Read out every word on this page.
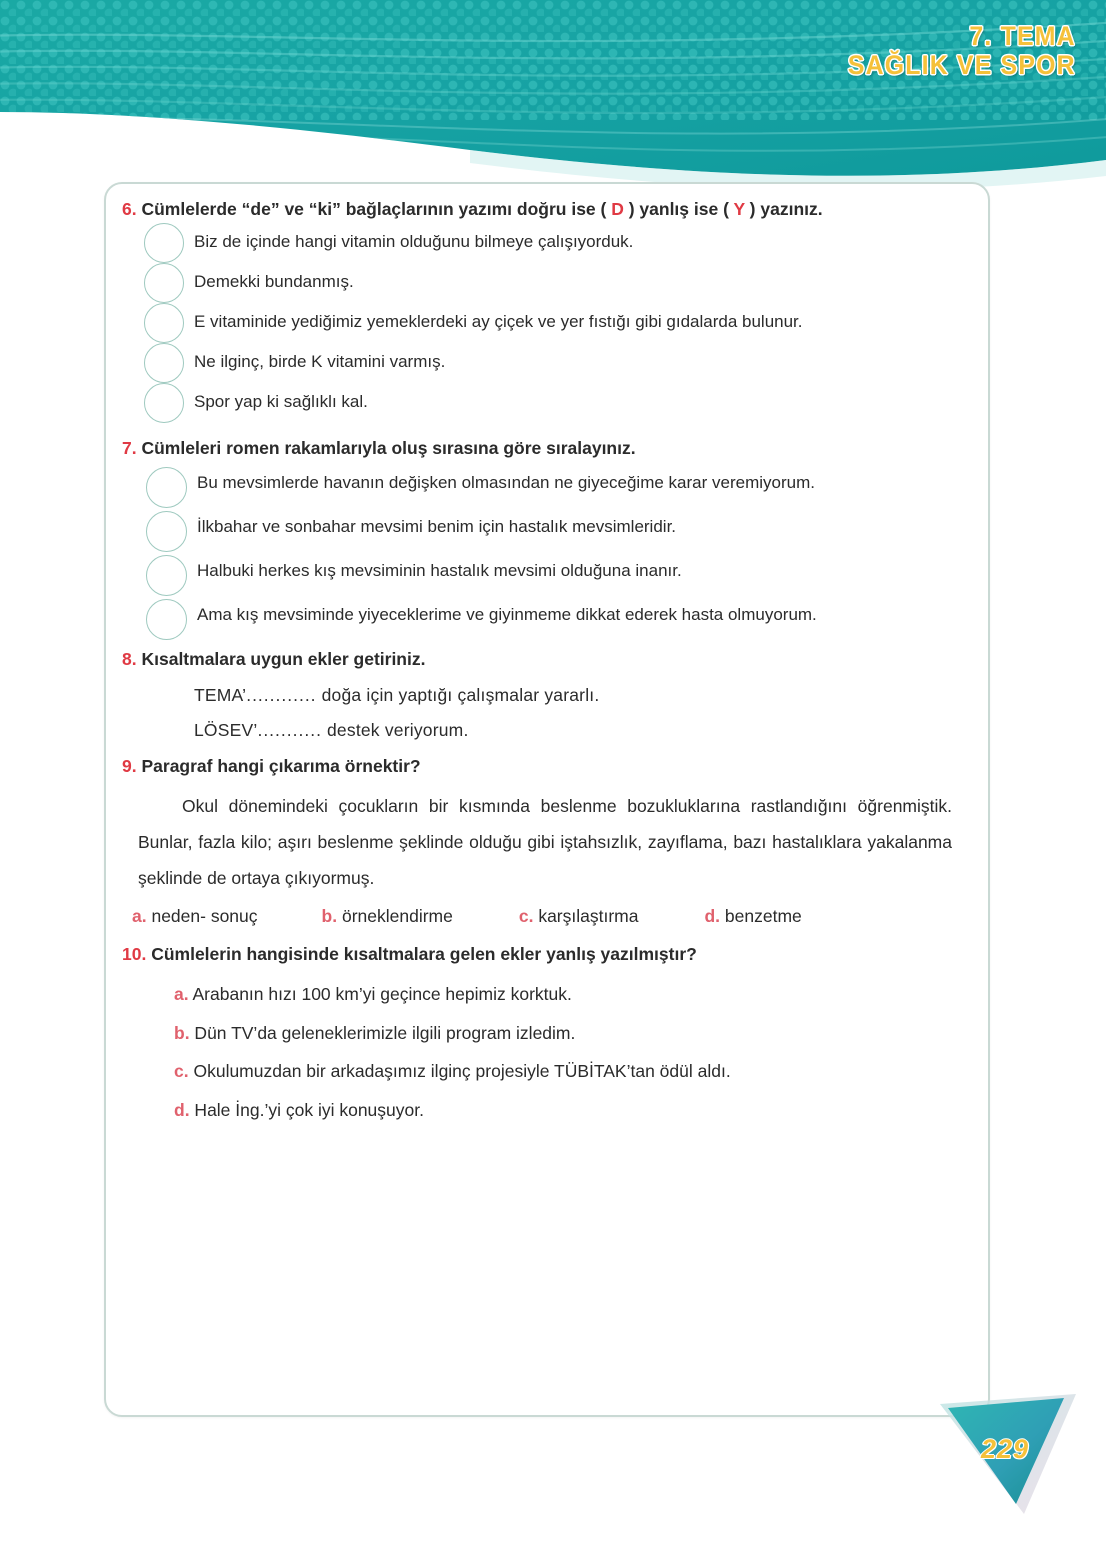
7. TEMA
SAĞLIK VE SPOR

6. Cümlelerde “de” ve “ki” bağlaçlarının yazımı doğru ise ( D ) yanlış ise ( Y ) yazınız.

Biz de içinde hangi vitamin olduğunu bilmeye çalışıyorduk.
Demekki bundanmış.
E vitaminide yediğimiz yemeklerdeki ay çiçek ve yer fıstığı gibi gıdalarda bulunur.
Ne ilginç, birde K vitamini varmış.
Spor yap ki sağlıklı kal.

7. Cümleleri romen rakamlarıyla oluş sırasına göre sıralayınız.

Bu mevsimlerde havanın değişken olmasından ne giyeceğime karar veremiyorum.
İlkbahar ve sonbahar mevsimi benim için hastalık mevsimleridir.
Halbuki herkes kış mevsiminin hastalık mevsimi olduğuna inanır.
Ama kış mevsiminde yiyeceklerime ve giyinmeme dikkat ederek hasta olmuyorum.

8. Kısaltmalara uygun ekler getiriniz.

TEMA’............ doğa için yaptığı çalışmalar yararlı.

LÖSEV’........... destek veriyorum.

9. Paragraf hangi çıkarıma örnektir?

Okul dönemindeki çocukların bir kısmında beslenme bozukluklarına rastlandığını öğrenmiştik. Bunlar, fazla kilo; aşırı beslenme şeklinde olduğu gibi iştahsızlık, zayıflama, bazı hastalıklara yakalanma şeklinde de ortaya çıkıyormuş.

a. neden- sonuç	b. örneklendirme	c. karşılaştırma	d. benzetme

10. Cümlelerin hangisinde kısaltmalara gelen ekler yanlış yazılmıştır?

a. Arabanın hızı 100 km’yi geçince hepimiz korktuk.
b. Dün TV’da geleneklerimizle ilgili program izledim.
c. Okulumuzdan bir arkadaşımız ilginç projesiyle TÜBİTAK’tan ödül aldı.
d. Hale İng.’yi çok iyi konuşuyor.
229
